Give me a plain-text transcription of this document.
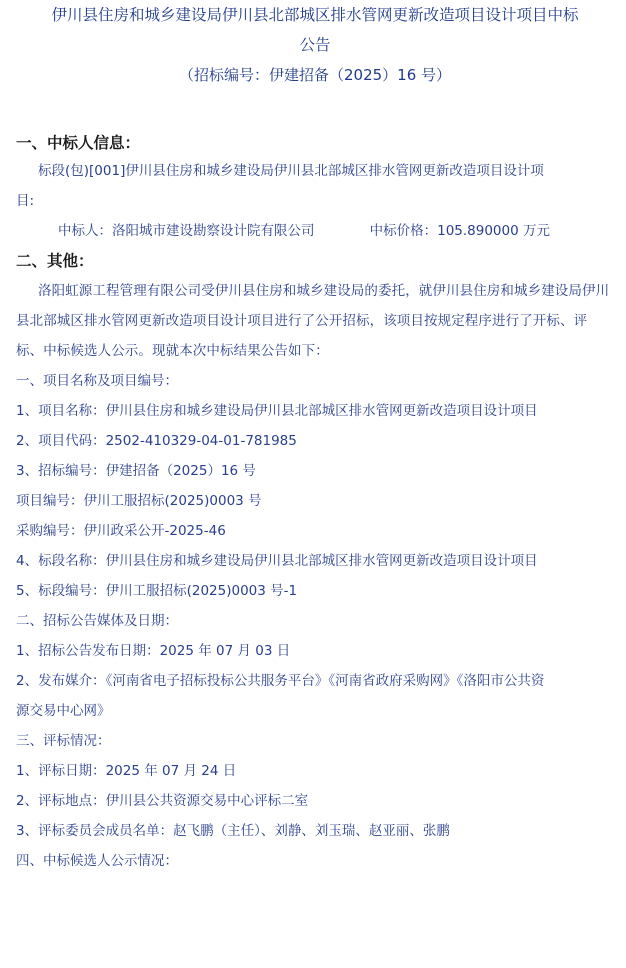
伊川县住房和城乡建设局伊川县北部城区排水管网更新改造项目设计项目中标

公告

（招标编号：伊建招备（2025）16 号）

一、中标人信息：

标段(包)[001]伊川县住房和城乡建设局伊川县北部城区排水管网更新改造项目设计项

目:

中标人：洛阳城市建设勘察设计院有限公司	中标价格：105.890000 万元

二、其他：

洛阳虹源工程管理有限公司受伊川县住房和城乡建设局的委托，就伊川县住房和城乡建设局伊川县北部城区排水管网更新改造项目设计项目进行了公开招标，该项目按规定程序进行了开标、评标、中标候选人公示。现就本次中标结果公告如下：

一、项目名称及项目编号：

1、项目名称：伊川县住房和城乡建设局伊川县北部城区排水管网更新改造项目设计项目

2、项目代码：2502-410329-04-01-781985

3、招标编号：伊建招备（2025）16 号

项目编号：伊川工服招标(2025)0003 号

采购编号：伊川政采公开-2025-46

4、标段名称：伊川县住房和城乡建设局伊川县北部城区排水管网更新改造项目设计项目

5、标段编号：伊川工服招标(2025)0003 号-1

二、招标公告媒体及日期：

1、招标公告发布日期：2025 年 07 月 03 日

2、发布媒介：《河南省电子招标投标公共服务平台》《河南省政府采购网》《洛阳市公共资

源交易中心网》

三、评标情况：

1、评标日期：2025 年 07 月 24 日

2、评标地点：伊川县公共资源交易中心评标二室

3、评标委员会成员名单：赵飞鹏（主任）、刘静、刘玉瑞、赵亚丽、张鹏

四、中标候选人公示情况：
